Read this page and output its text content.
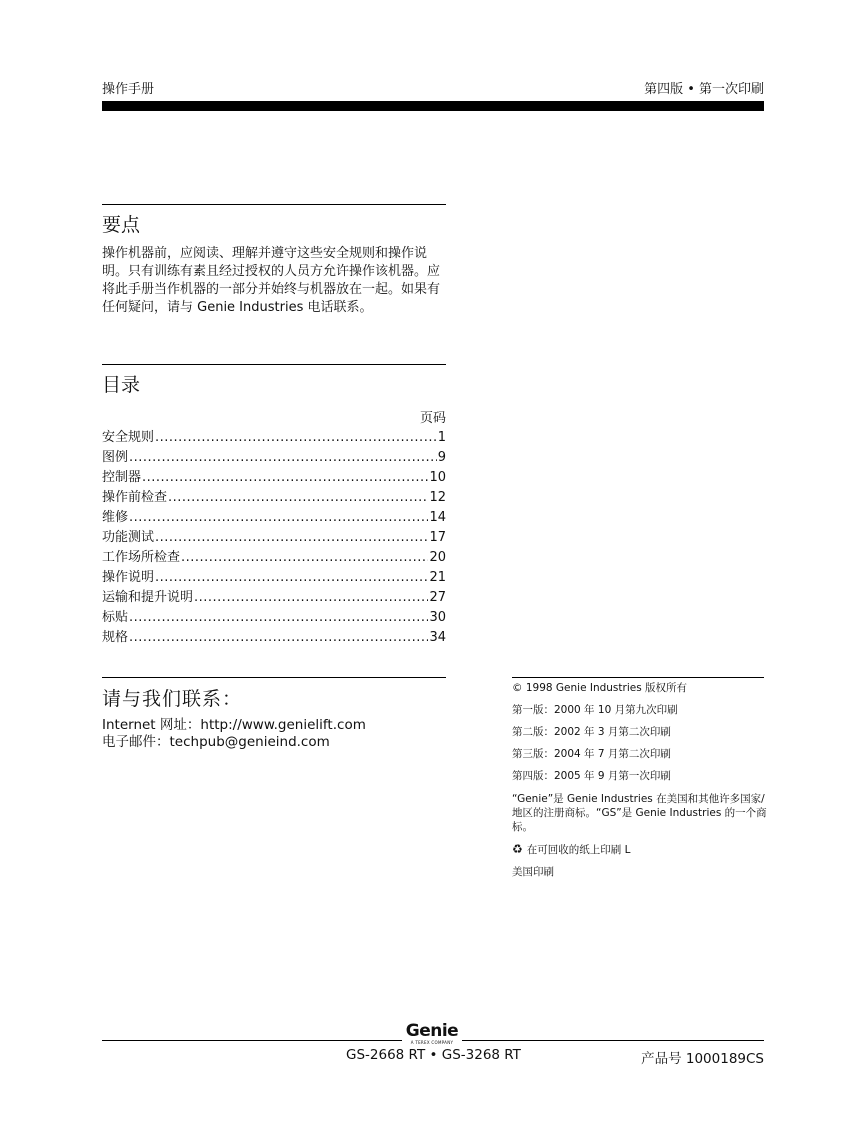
操作手册	第四版 • 第一次印刷
要点
操作机器前，应阅读、理解并遵守这些安全规则和操作说明。只有训练有素且经过授权的人员方允许操作该机器。应将此手册当作机器的一部分并始终与机器放在一起。如果有任何疑问，请与 Genie Industries 电话联系。
目录
页码
安全规则 .....	1
图例 .....	9
控制器 .....	10
操作前检查 .....	12
维修 .....	14
功能测试 .....	17
工作场所检查 .....	20
操作说明 .....	21
运输和提升说明 .....	27
标贴 .....	30
规格 .....	34
请与我们联系：
Internet 网址：http://www.genielift.com
电子邮件：techpub@genieind.com
© 1998 Genie Industries 版权所有
第一版：2000 年 10 月第九次印刷
第二版：2002 年 3 月第二次印刷
第三版：2004 年 7 月第二次印刷
第四版：2005 年 9 月第一次印刷
“Genie”是 Genie Industries 在美国和其他许多国家/地区的注册商标。“GS”是 Genie Industries 的一个商标。
♻ 在可回收的纸上印刷 L
美国印刷
Genie
A TEREX COMPANY
GS-2668 RT • GS-3268 RT	产品号 1000189CS
